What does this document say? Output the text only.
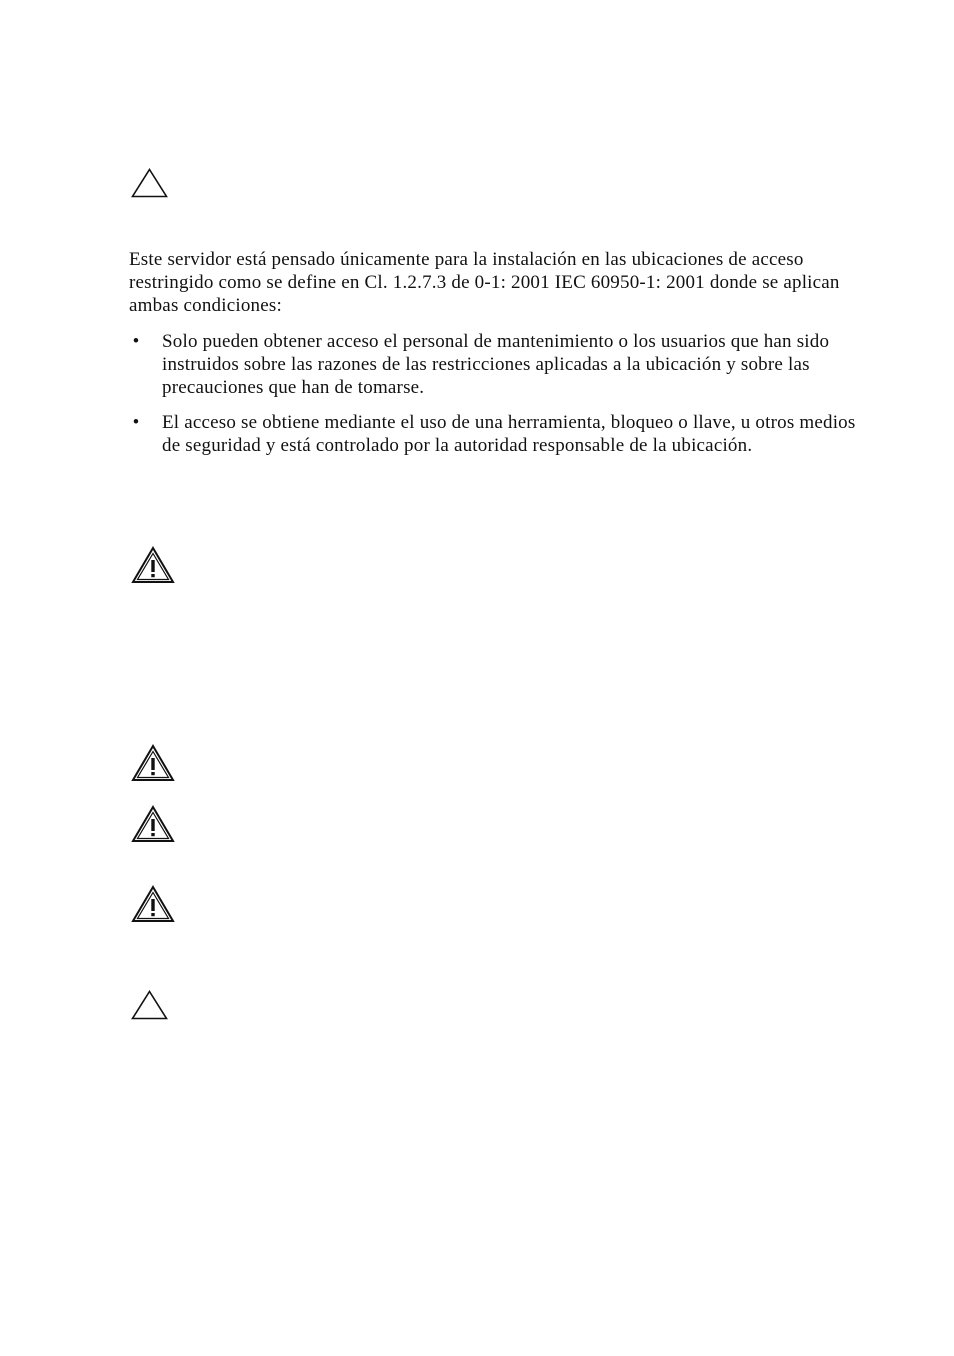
Este servidor está pensado únicamente para la instalación en las ubicaciones de acceso restringido como se define en Cl. 1.2.7.3 de 0-1: 2001 IEC 60950-1: 2001 donde se aplican ambas condiciones:

• Solo pueden obtener acceso el personal de mantenimiento o los usuarios que han sido instruidos sobre las razones de las restricciones aplicadas a la ubicación y sobre las precauciones que han de tomarse.
• El acceso se obtiene mediante el uso de una herramienta, bloqueo o llave, u otros medios de seguridad y está controlado por la autoridad responsable de la ubicación.
